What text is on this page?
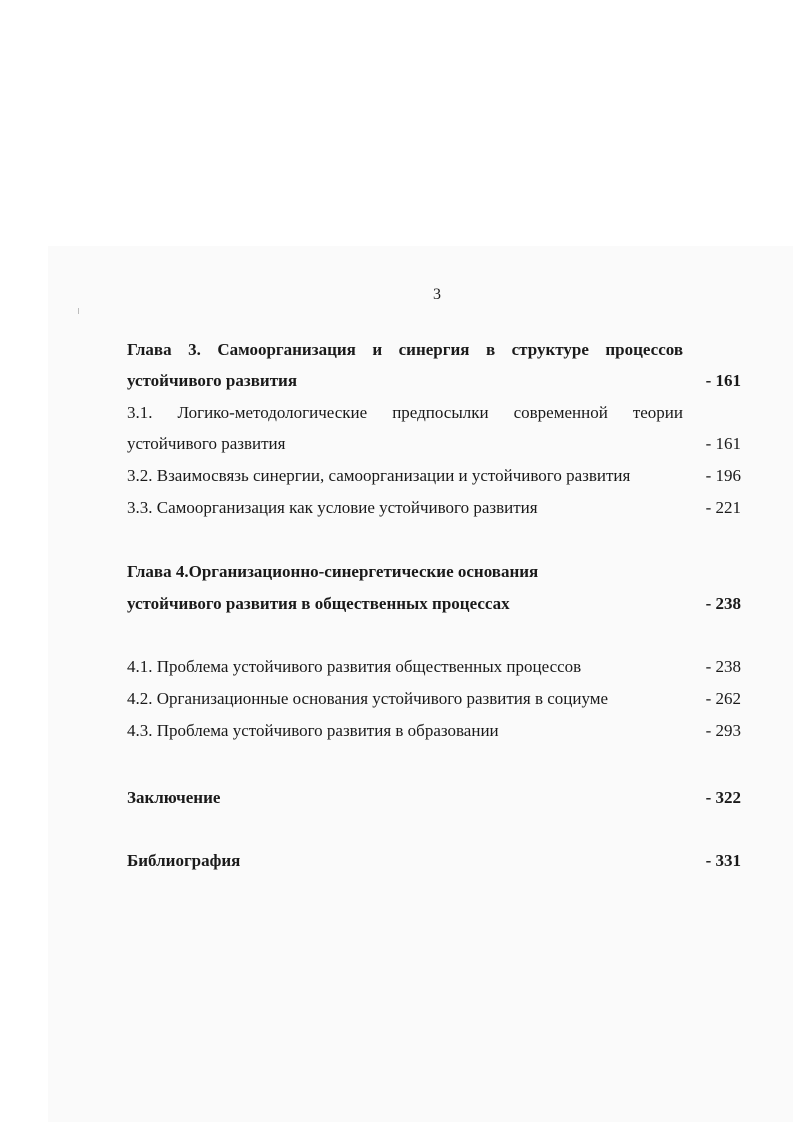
3
Глава 3. Самоорганизация и синергия в структуре процессов
устойчивого развития	- 161
3.1. Логико-методологические предпосылки современной теории
устойчивого развития	- 161
3.2. Взаимосвязь синергии, самоорганизации и устойчивого развития	- 196
3.3. Самоорганизация как условие устойчивого развития	- 221
Глава 4.Организационно-синергетические основания
устойчивого развития в общественных процессах	- 238
4.1. Проблема устойчивого развития общественных процессов	- 238
4.2. Организационные основания устойчивого развития в социуме	- 262
4.3. Проблема устойчивого развития в образовании	- 293
Заключение	- 322
Библиография	- 331
